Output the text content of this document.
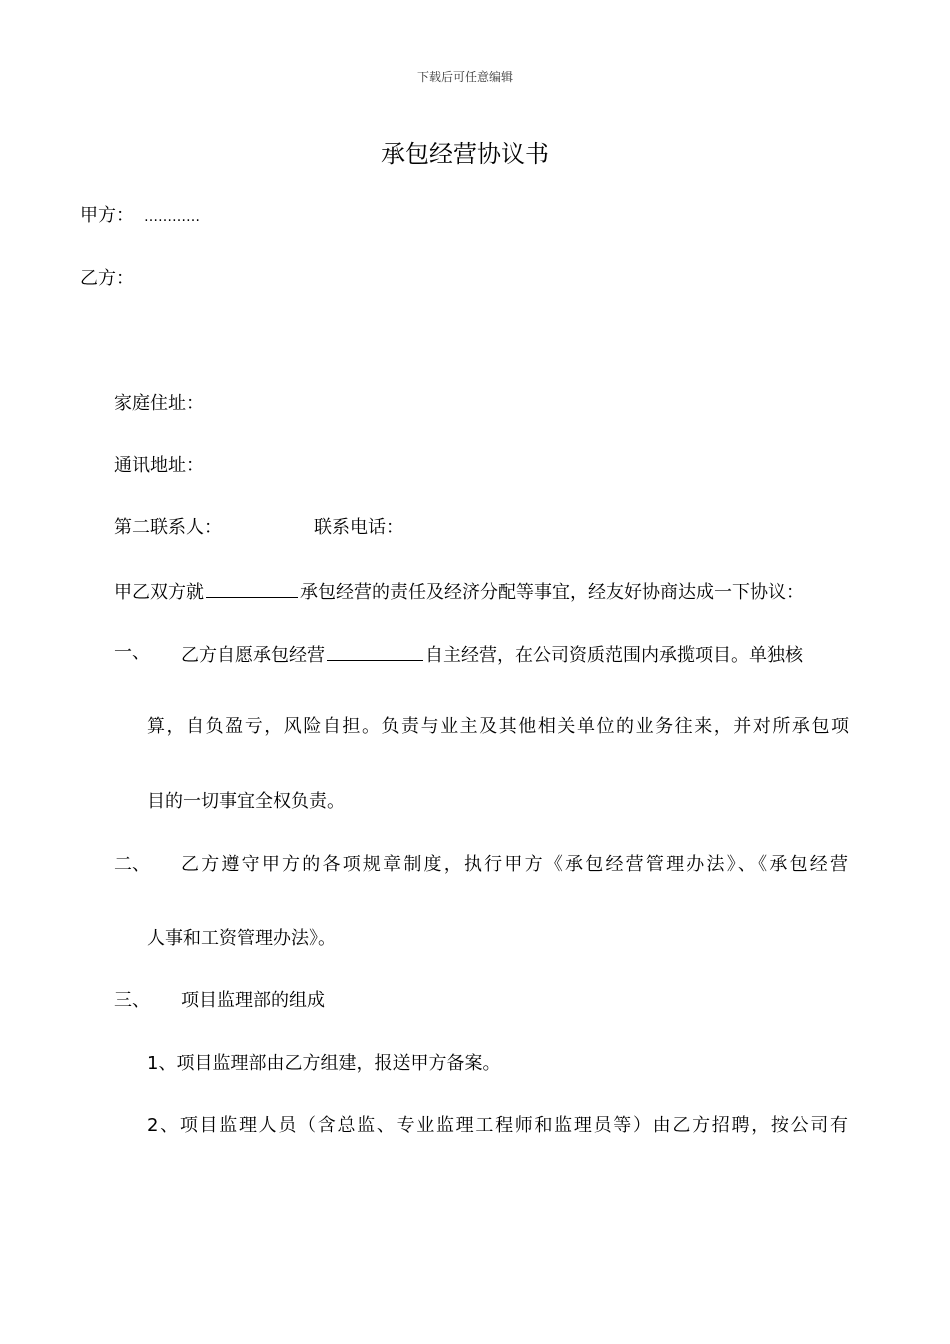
下载后可任意编辑
承包经营协议书
甲方： …………
乙方：
家庭住址：
通讯地址：
第二联系人：	联系电话：
甲乙双方就	承包经营的责任及经济分配等事宜，经友好协商达成一下协议：
一、 乙方自愿承包经营	自主经营，在公司资质范围内承揽项目。单独核
算，自负盈亏，风险自担。负责与业主及其他相关单位的业务往来，并对所承包项
目的一切事宜全权负责。
二、 乙方遵守甲方的各项规章制度，执行甲方《承包经营管理办法》、《承包经营
人事和工资管理办法》。
三、 项目监理部的组成
1、项目监理部由乙方组建，报送甲方备案。
2、项目监理人员（含总监、专业监理工程师和监理员等）由乙方招聘，按公司有
